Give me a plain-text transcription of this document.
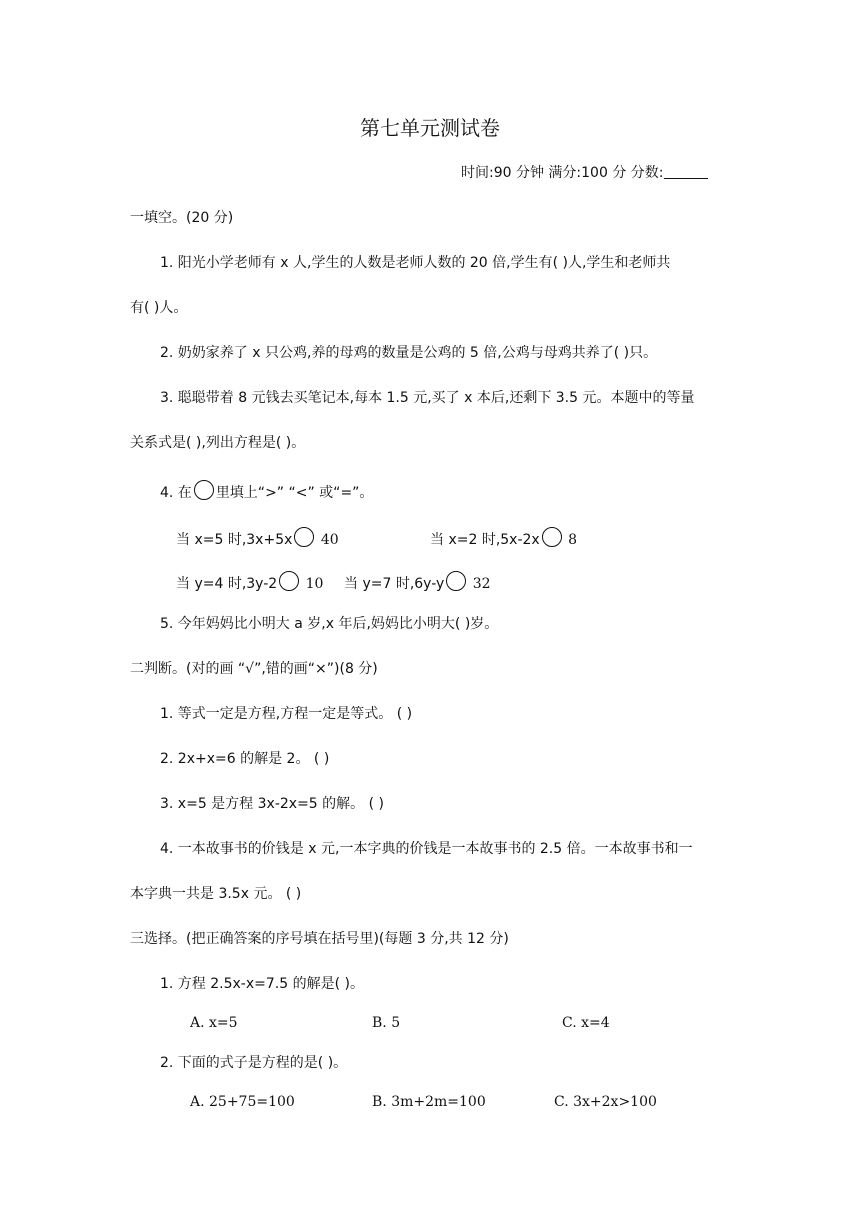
第七单元测试卷
时间:90 分钟 满分:100 分 分数:
一填空。(20 分)
1. 阳光小学老师有 x 人,学生的人数是老师人数的 20 倍,学生有( )人,学生和老师共
有( )人。
2. 奶奶家养了 x 只公鸡,养的母鸡的数量是公鸡的 5 倍,公鸡与母鸡共养了( )只。
3. 聪聪带着 8 元钱去买笔记本,每本 1.5 元,买了 x 本后,还剩下 3.5 元。本题中的等量
关系式是( ),列出方程是( )。
4. 在 里填上“>” “<” 或“=”。
当 x=5 时,3x+5x 40	当 x=2 时,5x-2x 8
当 y=4 时,3y-2 10 当 y=7 时,6y-y 32
5. 今年妈妈比小明大 a 岁,x 年后,妈妈比小明大( )岁。
二判断。(对的画 “√”,错的画“×”)(8 分)
1. 等式一定是方程,方程一定是等式。 ( )
2. 2x+x=6 的解是 2。 ( )
3. x=5 是方程 3x-2x=5 的解。 ( )
4. 一本故事书的价钱是 x 元,一本字典的价钱是一本故事书的 2.5 倍。一本故事书和一
本字典一共是 3.5x 元。 ( )
三选择。(把正确答案的序号填在括号里)(每题 3 分,共 12 分)
1. 方程 2.5x-x=7.5 的解是( )。
A. x=5	B. 5	C. x=4
2. 下面的式子是方程的是( )。
A. 25+75=100	B. 3m+2m=100	C. 3x+2x>100
